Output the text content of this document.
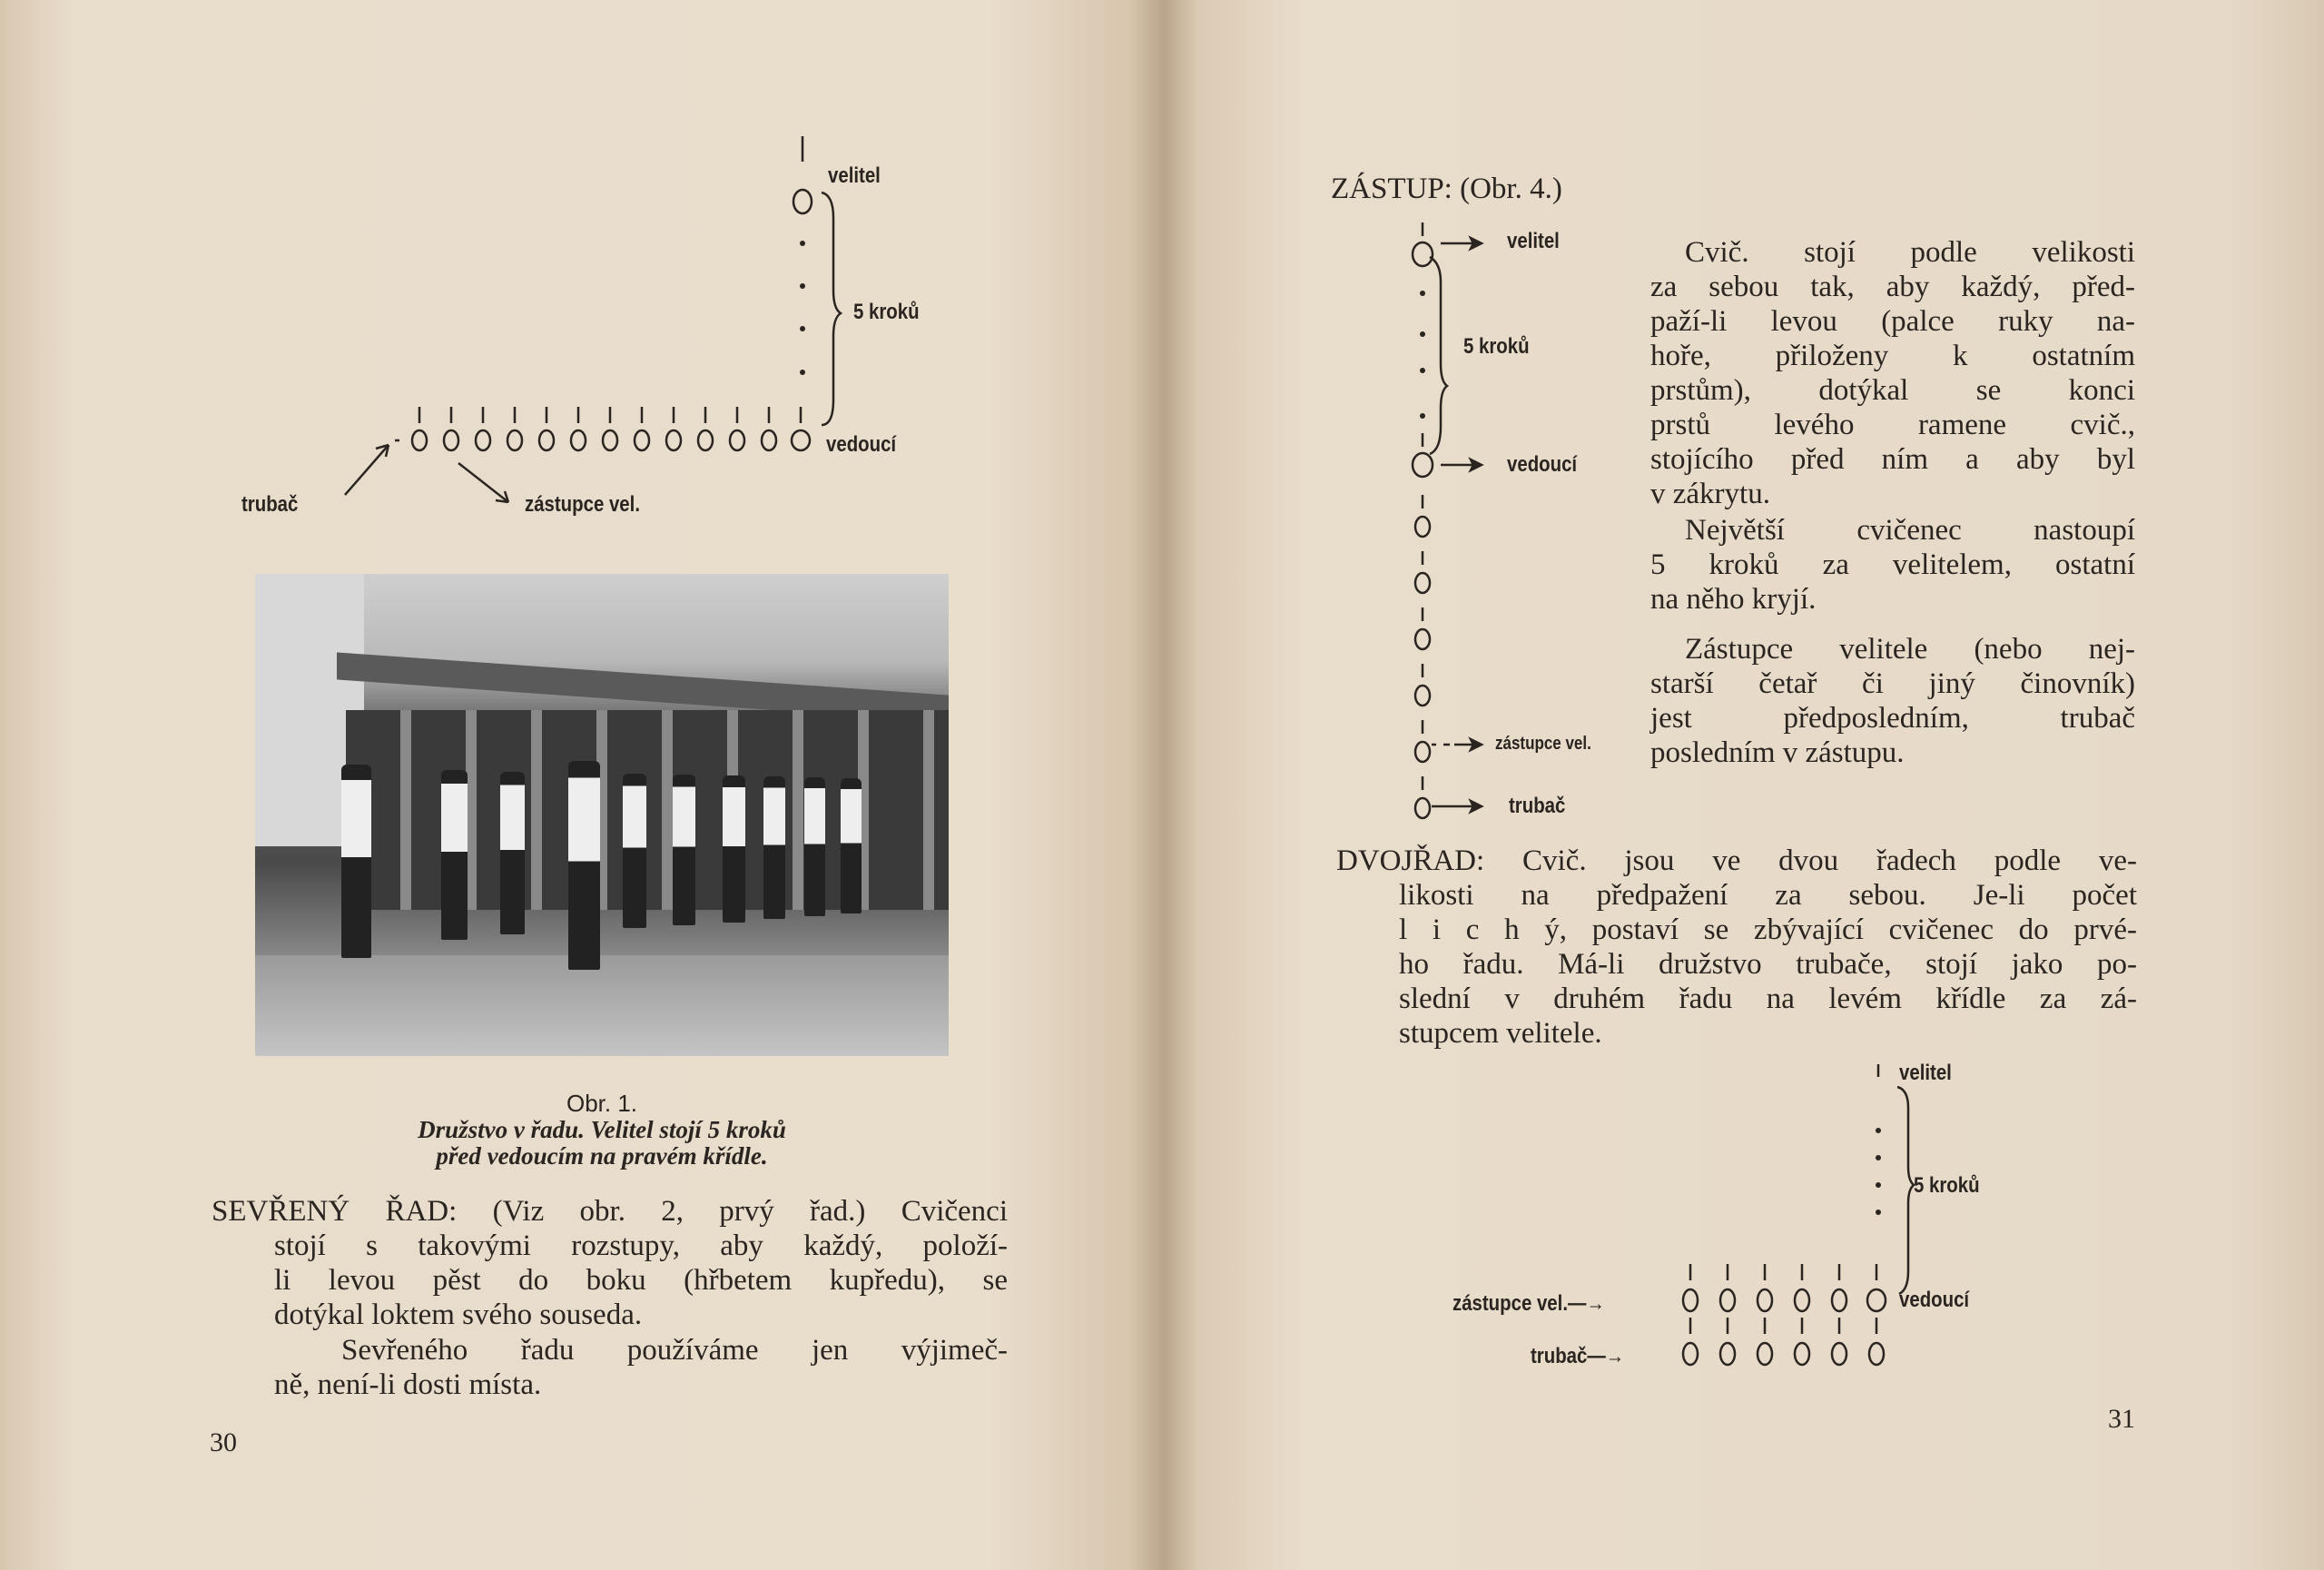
velitel
5 kroků
vedoucí
trubač	zástupce vel.
Obr. 1.
Družstvo v řadu. Velitel stojí 5 kroků
před vedoucím na pravém křídle.
SEVŘENÝ ŘAD: (Viz obr. 2, prvý řad.) Cvičenci
stojí s takovými rozstupy, aby každý, položí-
li levou pěst do boku (hřbetem kupředu), se
dotýkal loktem svého souseda.
Sevřeného řadu používáme jen výjimeč-
ně, není-li dosti místa.
30
ZÁSTUP: (Obr. 4.)
velitel
5 kroků
vedoucí
zástupce vel.
trubač
Cvič. stojí podle velikosti
za sebou tak, aby každý, před-
paží-li levou (palce ruky na-
hoře, přiloženy k ostatním
prstům), dotýkal se konci
prstů levého ramene cvič.,
stojícího před ním a aby byl
v zákrytu.
Největší cvičenec nastoupí
5 kroků za velitelem, ostatní
na něho kryjí.
Zástupce velitele (nebo nej-
starší četař či jiný činovník)
jest předposledním, trubač
posledním v zástupu.
DVOJŘAD: Cvič. jsou ve dvou řadech podle ve-
likosti na předpažení za sebou. Je-li počet
l i c h ý, postaví se zbývající cvičenec do prvé-
ho řadu. Má-li družstvo trubače, stojí jako po-
slední v druhém řadu na levém křídle za zá-
stupcem velitele.
velitel
5 kroků
vedoucí
zástupce vel.—→
trubač—→
31
